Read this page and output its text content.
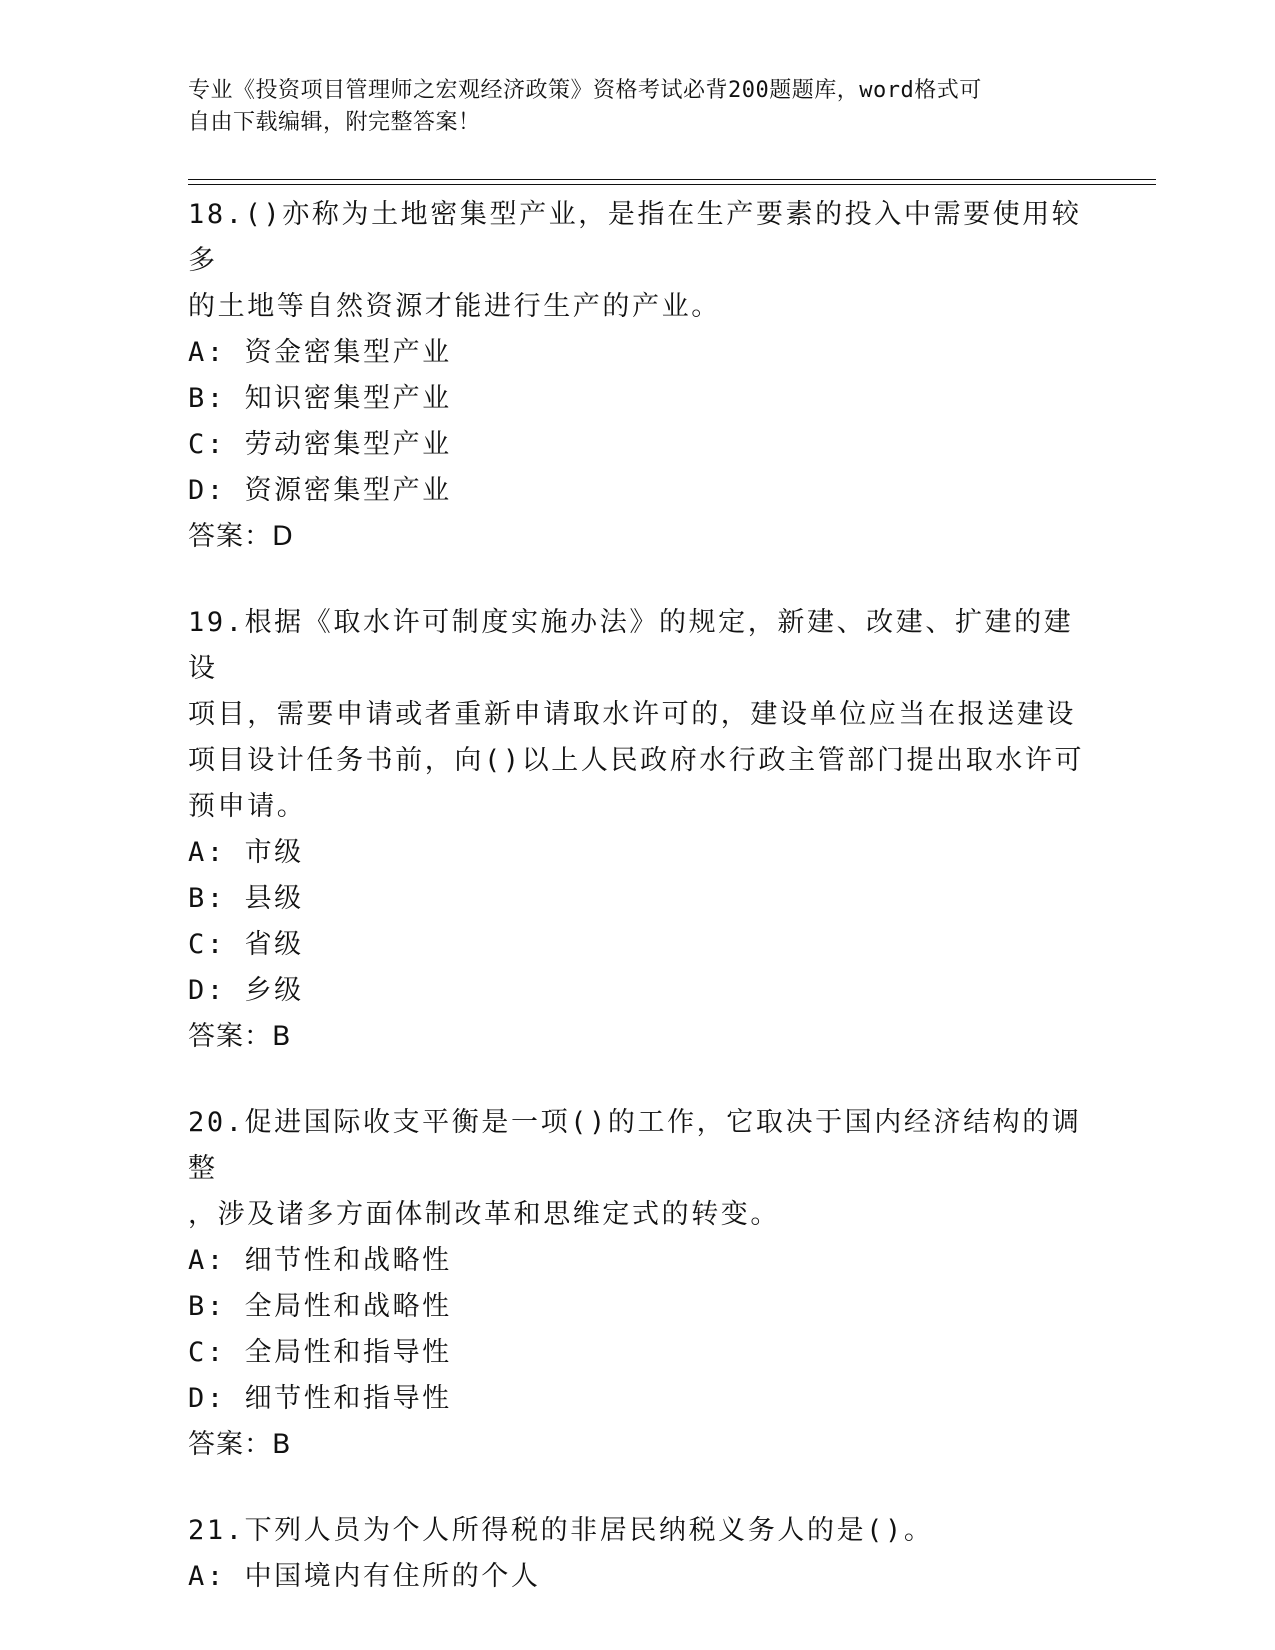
专业《投资项目管理师之宏观经济政策》资格考试必背200题题库，word格式可
自由下载编辑，附完整答案！

18.()亦称为土地密集型产业，是指在生产要素的投入中需要使用较多

的土地等自然资源才能进行生产的产业。

A: 资金密集型产业

B: 知识密集型产业

C: 劳动密集型产业

D: 资源密集型产业

答案：D

19.根据《取水许可制度实施办法》的规定，新建、改建、扩建的建设

项目，需要申请或者重新申请取水许可的，建设单位应当在报送建设

项目设计任务书前，向()以上人民政府水行政主管部门提出取水许可

预申请。

A: 市级

B: 县级

C: 省级

D: 乡级

答案：B

20.促进国际收支平衡是一项()的工作，它取决于国内经济结构的调整

，涉及诸多方面体制改革和思维定式的转变。

A: 细节性和战略性

B: 全局性和战略性

C: 全局性和指导性

D: 细节性和指导性

答案：B

21.下列人员为个人所得税的非居民纳税义务人的是()。

A: 中国境内有住所的个人
